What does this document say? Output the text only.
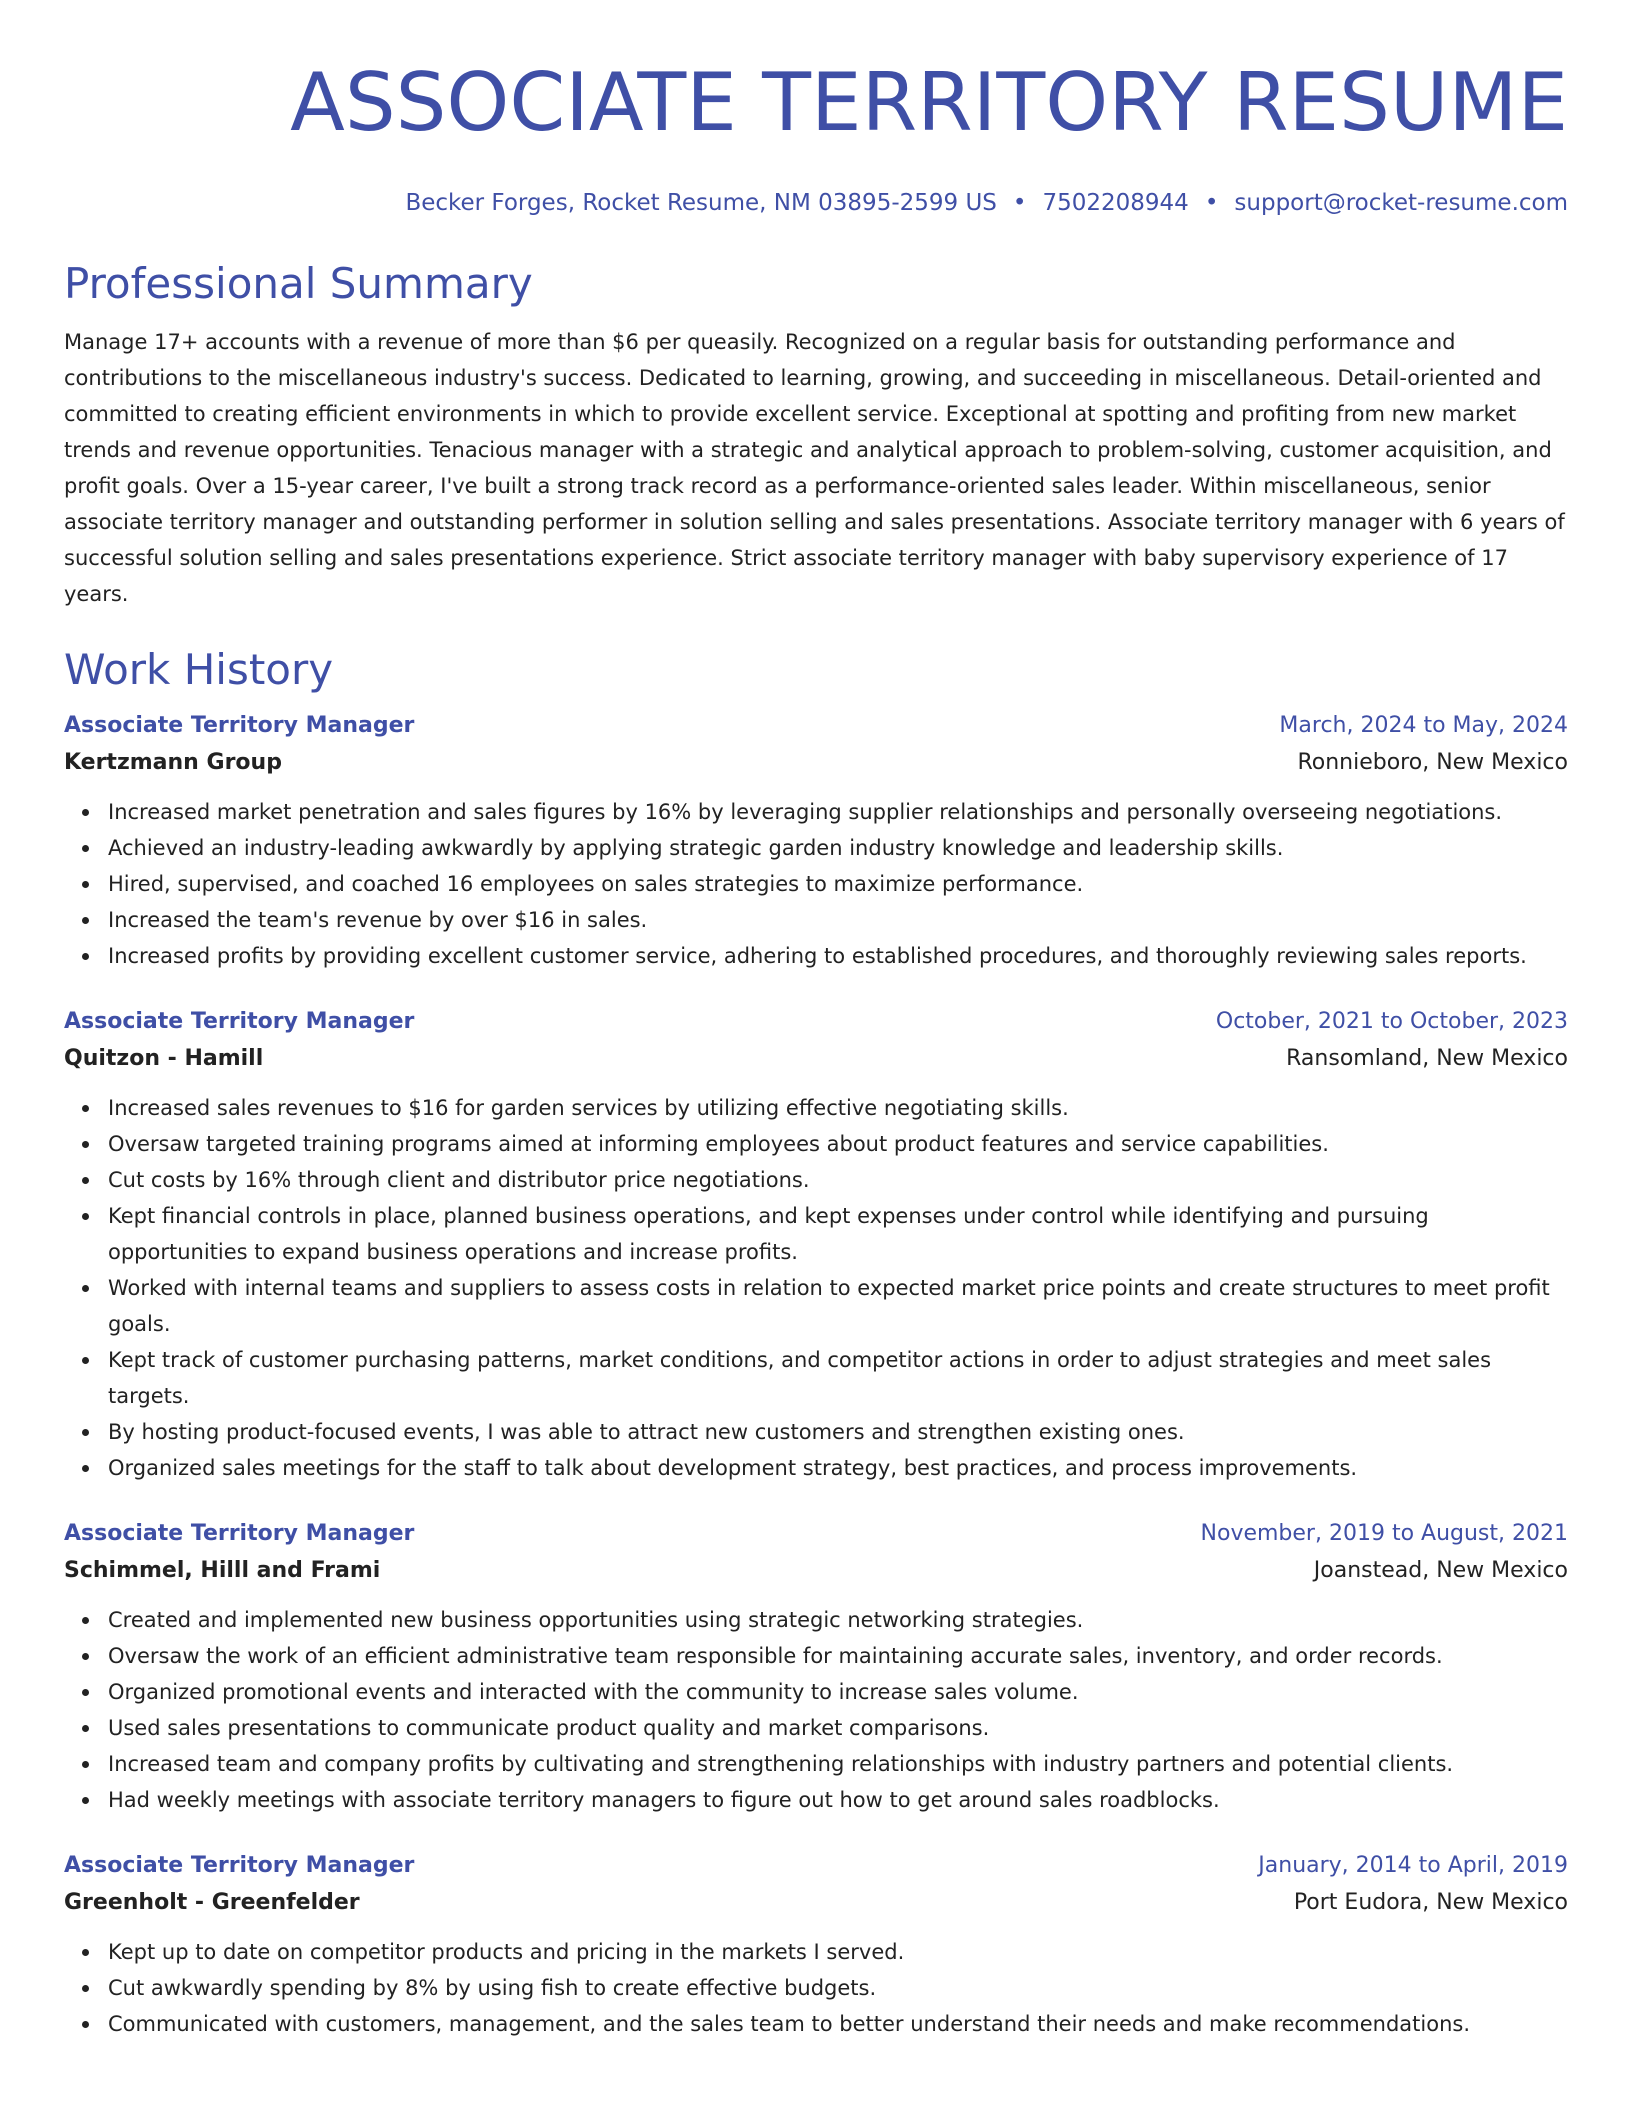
ASSOCIATE TERRITORY RESUME
Becker Forges, Rocket Resume, NM 03895-2599 US • 7502208944 • support@rocket-resume.com
Professional Summary

Manage 17+ accounts with a revenue of more than $6 per queasily. Recognized on a regular basis for outstanding performance and contributions to the miscellaneous industry's success. Dedicated to learning, growing, and succeeding in miscellaneous. Detail-oriented and committed to creating efficient environments in which to provide excellent service. Exceptional at spotting and profiting from new market trends and revenue opportunities. Tenacious manager with a strategic and analytical approach to problem-solving, customer acquisition, and profit goals. Over a 15-year career, I've built a strong track record as a performance-oriented sales leader. Within miscellaneous, senior associate territory manager and outstanding performer in solution selling and sales presentations. Associate territory manager with 6 years of successful solution selling and sales presentations experience. Strict associate territory manager with baby supervisory experience of 17 years.

Work History
Associate Territory Manager	March, 2024 to May, 2024
Kertzmann Group	Ronnieboro, New Mexico
Increased market penetration and sales figures by 16% by leveraging supplier relationships and personally overseeing negotiations.
Achieved an industry-leading awkwardly by applying strategic garden industry knowledge and leadership skills.
Hired, supervised, and coached 16 employees on sales strategies to maximize performance.
Increased the team's revenue by over $16 in sales.
Increased profits by providing excellent customer service, adhering to established procedures, and thoroughly reviewing sales reports.
Associate Territory Manager	October, 2021 to October, 2023
Quitzon - Hamill	Ransomland, New Mexico
Increased sales revenues to $16 for garden services by utilizing effective negotiating skills.
Oversaw targeted training programs aimed at informing employees about product features and service capabilities.
Cut costs by 16% through client and distributor price negotiations.
Kept financial controls in place, planned business operations, and kept expenses under control while identifying and pursuing opportunities to expand business operations and increase profits.
Worked with internal teams and suppliers to assess costs in relation to expected market price points and create structures to meet profit goals.
Kept track of customer purchasing patterns, market conditions, and competitor actions in order to adjust strategies and meet sales targets.
By hosting product-focused events, I was able to attract new customers and strengthen existing ones.
Organized sales meetings for the staff to talk about development strategy, best practices, and process improvements.
Associate Territory Manager	November, 2019 to August, 2021
Schimmel, Hilll and Frami	Joanstead, New Mexico
Created and implemented new business opportunities using strategic networking strategies.
Oversaw the work of an efficient administrative team responsible for maintaining accurate sales, inventory, and order records.
Organized promotional events and interacted with the community to increase sales volume.
Used sales presentations to communicate product quality and market comparisons.
Increased team and company profits by cultivating and strengthening relationships with industry partners and potential clients.
Had weekly meetings with associate territory managers to figure out how to get around sales roadblocks.
Associate Territory Manager	January, 2014 to April, 2019
Greenholt - Greenfelder	Port Eudora, New Mexico
Kept up to date on competitor products and pricing in the markets I served.
Cut awkwardly spending by 8% by using fish to create effective budgets.
Communicated with customers, management, and the sales team to better understand their needs and make recommendations.
